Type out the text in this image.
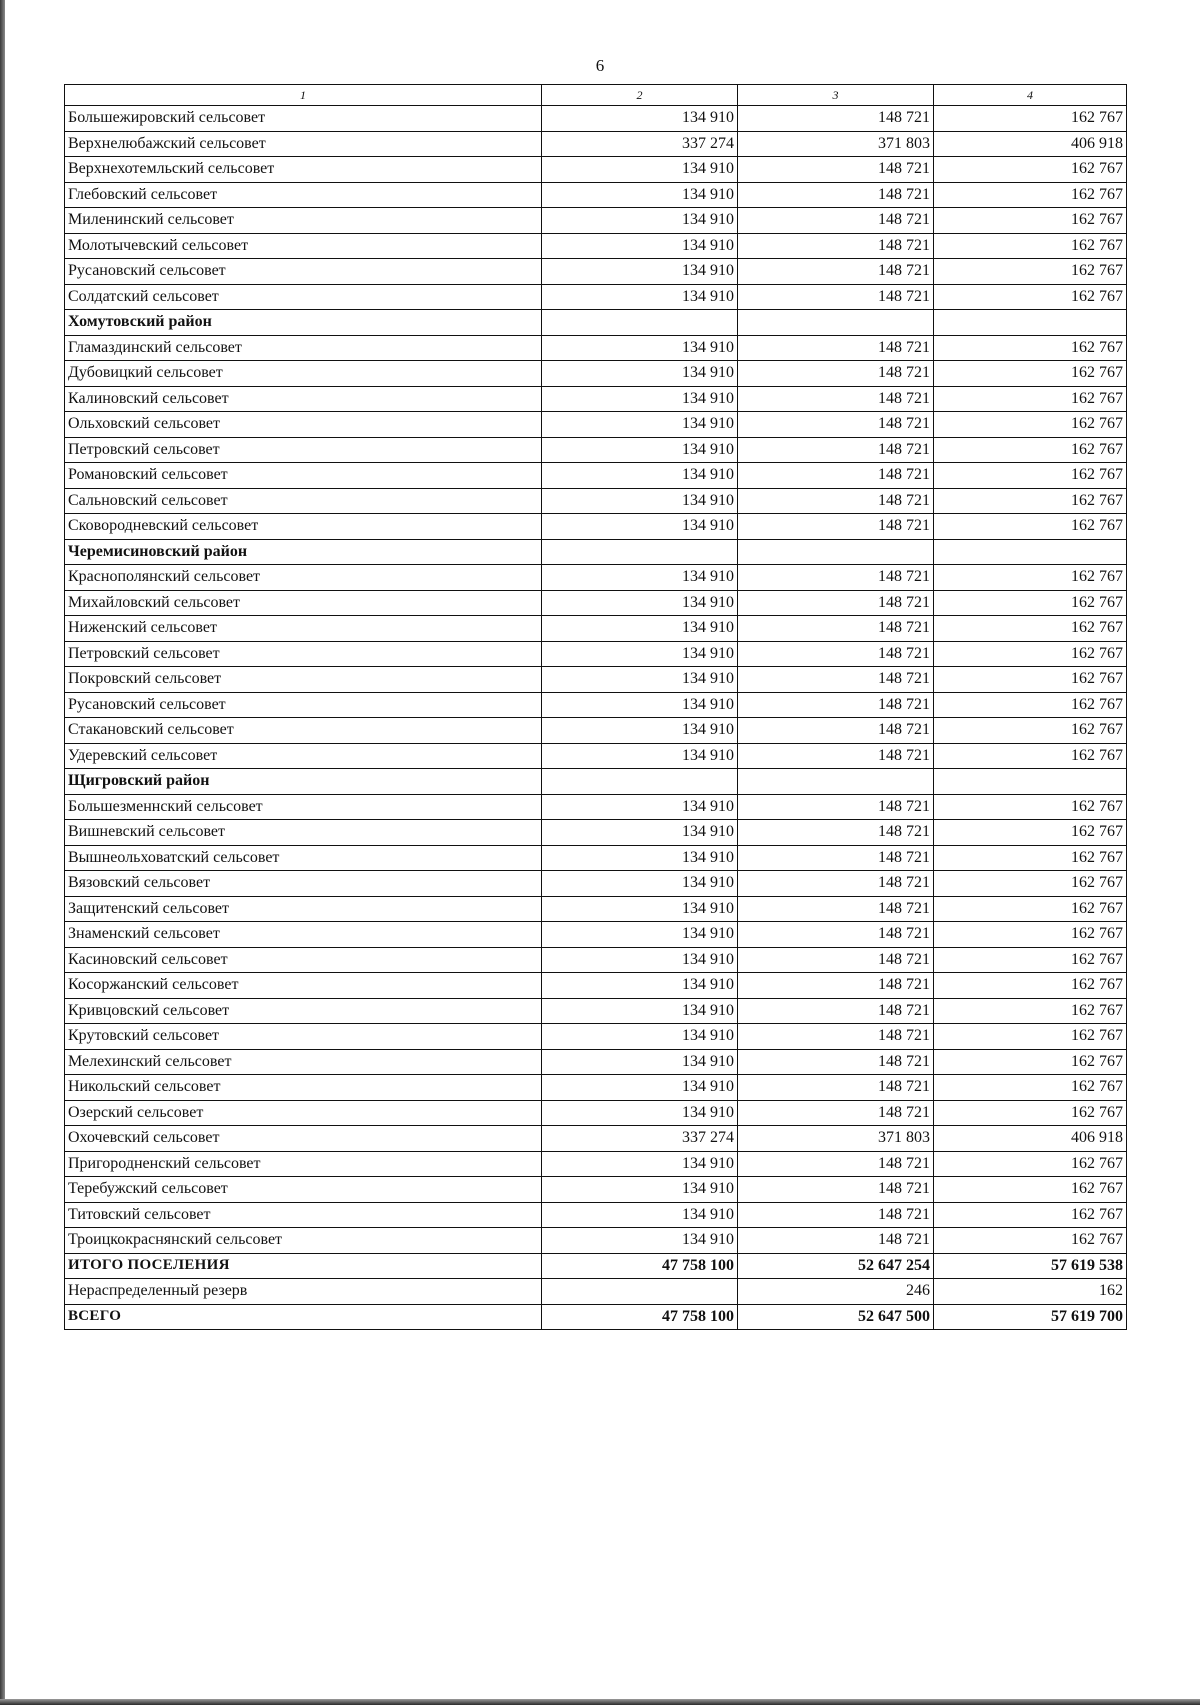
6
1	2	3	4
Большежировский сельсовет	134 910	148 721	162 767
Верхнелюбажский сельсовет	337 274	371 803	406 918
Верхнехотемльский сельсовет	134 910	148 721	162 767
Глебовский сельсовет	134 910	148 721	162 767
Миленинский сельсовет	134 910	148 721	162 767
Молотычевский сельсовет	134 910	148 721	162 767
Русановский сельсовет	134 910	148 721	162 767
Солдатский сельсовет	134 910	148 721	162 767
Хомутовский район			
Гламаздинский сельсовет	134 910	148 721	162 767
Дубовицкий сельсовет	134 910	148 721	162 767
Калиновский сельсовет	134 910	148 721	162 767
Ольховский сельсовет	134 910	148 721	162 767
Петровский сельсовет	134 910	148 721	162 767
Романовский сельсовет	134 910	148 721	162 767
Сальновский сельсовет	134 910	148 721	162 767
Сковородневский сельсовет	134 910	148 721	162 767
Черемисиновский район			
Краснополянский сельсовет	134 910	148 721	162 767
Михайловский сельсовет	134 910	148 721	162 767
Ниженский сельсовет	134 910	148 721	162 767
Петровский сельсовет	134 910	148 721	162 767
Покровский сельсовет	134 910	148 721	162 767
Русановский сельсовет	134 910	148 721	162 767
Стакановский сельсовет	134 910	148 721	162 767
Удеревский сельсовет	134 910	148 721	162 767
Щигровский район			
Большезменнский сельсовет	134 910	148 721	162 767
Вишневский сельсовет	134 910	148 721	162 767
Вышнеольховатский сельсовет	134 910	148 721	162 767
Вязовский сельсовет	134 910	148 721	162 767
Защитенский сельсовет	134 910	148 721	162 767
Знаменский сельсовет	134 910	148 721	162 767
Касиновский сельсовет	134 910	148 721	162 767
Косоржанский сельсовет	134 910	148 721	162 767
Кривцовский сельсовет	134 910	148 721	162 767
Крутовский сельсовет	134 910	148 721	162 767
Мелехинский сельсовет	134 910	148 721	162 767
Никольский сельсовет	134 910	148 721	162 767
Озерский сельсовет	134 910	148 721	162 767
Охочевский сельсовет	337 274	371 803	406 918
Пригородненский сельсовет	134 910	148 721	162 767
Теребужский сельсовет	134 910	148 721	162 767
Титовский сельсовет	134 910	148 721	162 767
Троицкокраснянский сельсовет	134 910	148 721	162 767
ИТОГО ПОСЕЛЕНИЯ	47 758 100	52 647 254	57 619 538
Нераспределенный резерв		246	162
ВСЕГО	47 758 100	52 647 500	57 619 700
